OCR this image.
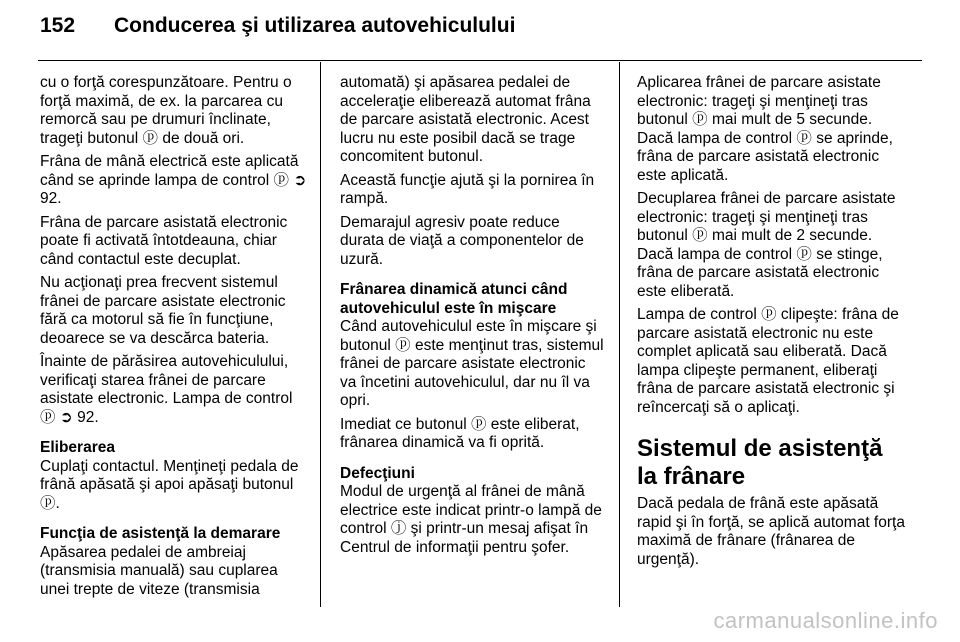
152	Conducerea şi utilizarea autovehiculului

cu o forţă corespunzătoare. Pentru o forţă maximă, de ex. la parcarea cu remorcă sau pe drumuri înclinate, trageţi butonul ⓟ de două ori.

Frâna de mână electrică este aplicată când se aprinde lampa de control ⓟ ➲ 92.

Frâna de parcare asistată electronic poate fi activată întotdeauna, chiar când contactul este decuplat.

Nu acţionaţi prea frecvent sistemul frânei de parcare asistate electronic fără ca motorul să fie în funcţiune, deoarece se va descărca bateria.

Înainte de părăsirea autovehiculului, verificaţi starea frânei de parcare asistate electronic. Lampa de control ⓟ ➲ 92.

Eliberarea

Cuplaţi contactul. Menţineţi pedala de frână apăsată şi apoi apăsaţi butonul ⓟ.

Funcţia de asistenţă la demarare

Apăsarea pedalei de ambreiaj (transmisia manuală) sau cuplarea unei trepte de viteze (transmisia

automată) şi apăsarea pedalei de acceleraţie eliberează automat frâna de parcare asistată electronic. Acest lucru nu este posibil dacă se trage concomitent butonul.

Această funcţie ajută şi la pornirea în rampă.

Demarajul agresiv poate reduce durata de viaţă a componentelor de uzură.

Frânarea dinamică atunci când autovehiculul este în mişcare

Când autovehiculul este în mişcare şi butonul ⓟ este menţinut tras, sistemul frânei de parcare asistate electronic va încetini autovehiculul, dar nu îl va opri.

Imediat ce butonul ⓟ este eliberat, frânarea dinamică va fi oprită.

Defecţiuni

Modul de urgenţă al frânei de mână electrice este indicat printr-o lampă de control ⓙ şi printr-un mesaj afişat în Centrul de informaţii pentru şofer.

Aplicarea frânei de parcare asistate electronic: trageţi şi menţineţi tras butonul ⓟ mai mult de 5 secunde. Dacă lampa de control ⓟ se aprinde, frâna de parcare asistată electronic este aplicată.

Decuplarea frânei de parcare asistate electronic: trageţi şi menţineţi tras butonul ⓟ mai mult de 2 secunde. Dacă lampa de control ⓟ se stinge, frâna de parcare asistată electronic este eliberată.

Lampa de control ⓟ clipeşte: frâna de parcare asistată electronic nu este complet aplicată sau eliberată. Dacă lampa clipeşte permanent, eliberaţi frâna de parcare asistată electronic şi reîncercaţi să o aplicaţi.

Sistemul de asistenţă la frânare

Dacă pedala de frână este apăsată rapid şi în forţă, se aplică automat forţa maximă de frânare (frânarea de urgenţă).

carmanualsonline.info
